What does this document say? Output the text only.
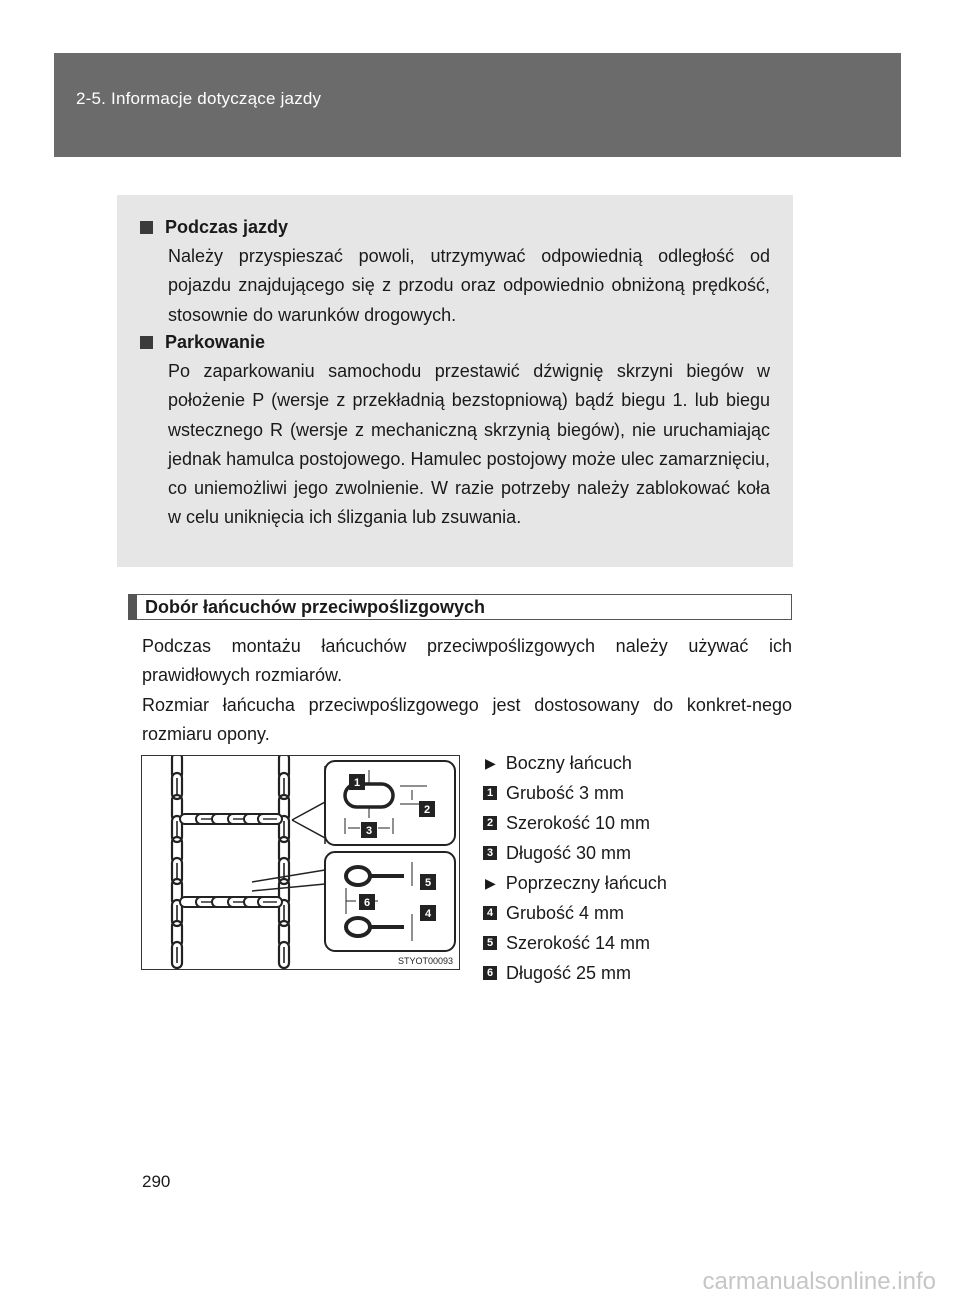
2-5. Informacje dotyczące jazdy
Podczas jazdy
Należy przyspieszać powoli, utrzymywać odpowiednią odległość od pojazdu znajdującego się z przodu oraz odpowiednio obniżoną prędkość, stosownie do warunków drogowych.
Parkowanie
Po zaparkowaniu samochodu przestawić dźwignię skrzyni biegów w położenie P (wersje z przekładnią bezstopniową) bądź biegu 1. lub biegu wstecznego R (wersje z mechaniczną skrzynią biegów), nie uruchamiając jednak hamulca postojowego. Hamulec postojowy może ulec zamarznięciu, co uniemożliwi jego zwolnienie. W razie potrzeby należy zablokować koła w celu uniknięcia ich ślizgania lub zsuwania.
Dobór łańcuchów przeciwpoślizgowych

Podczas montażu łańcuchów przeciwpoślizgowych należy używać ich prawidłowych rozmiarów.

Rozmiar łańcucha przeciwpoślizgowego jest dostosowany do konkret-nego rozmiaru opony.

1
2
3
5
6
4
STYOT00093
▶ Boczny łańcuch
1 Grubość 3 mm
2 Szerokość 10 mm
3 Długość 30 mm
▶ Poprzeczny łańcuch
4 Grubość 4 mm
5 Szerokość 14 mm
6 Długość 25 mm
290
carmanualsonline.info
